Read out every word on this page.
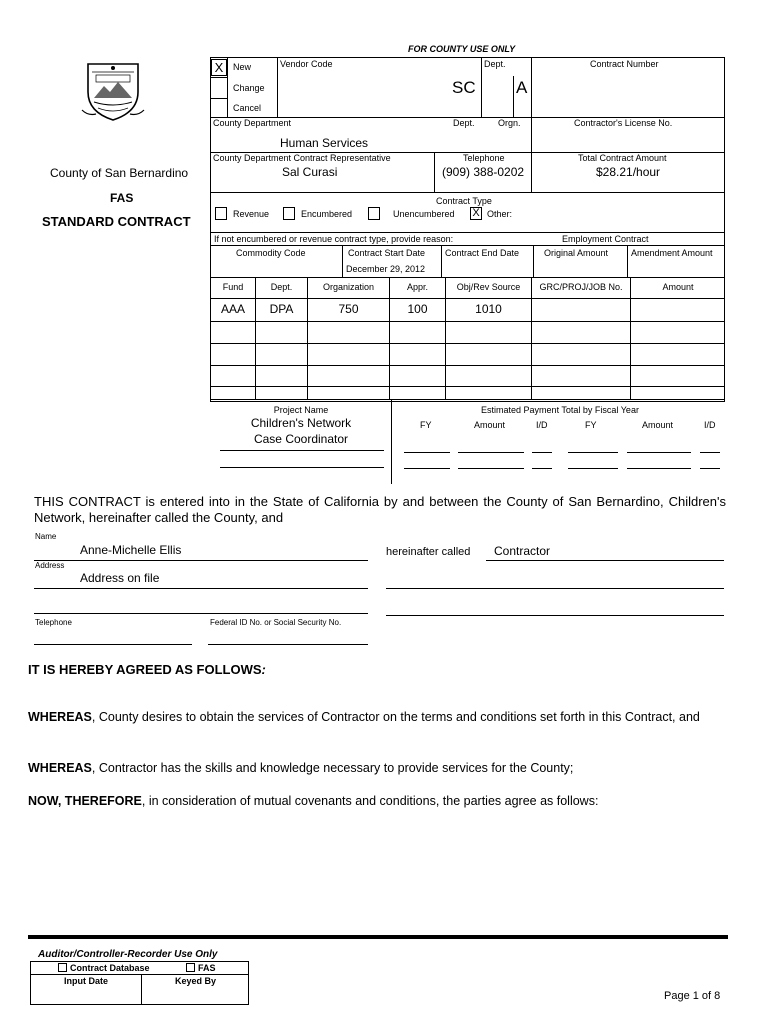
FOR COUNTY USE ONLY
County of San Bernardino
FAS
STANDARD CONTRACT
X	New
Change
Cancel
Vendor Code	Dept.
SC A
Contract Number
County Department	Dept.	Orgn.	Contractor's License No.
Human Services
County Department Contract Representative	Telephone	Total Contract Amount
Sal Curasi	(909) 388-0202	$28.21/hour
Contract Type
Revenue	Encumbered	Unencumbered X Other:
If not encumbered or revenue contract type, provide reason:	Employment Contract
Commodity Code	Contract Start Date
December 29, 2012
Contract End Date	Original Amount	Amendment Amount
Fund	Dept.	Organization	Appr.	Obj/Rev Source	GRC/PROJ/JOB No.	Amount
AAA	DPA	750	100	1010
Project Name
Children's Network
Case Coordinator
Estimated Payment Total by Fiscal Year
FY	Amount	I/D	FY	Amount	I/D
THIS CONTRACT is entered into in the State of California by and between the County of San Bernardino, Children's Network, hereinafter called the County, and
Name
Anne-Michelle Ellis	hereinafter called Contractor
Address
Address on file
Telephone	Federal ID No. or Social Security No.
IT IS HEREBY AGREED AS FOLLOWS:
WHEREAS, County desires to obtain the services of Contractor on the terms and conditions set forth in this Contract, and
WHEREAS, Contractor has the skills and knowledge necessary to provide services for the County;
NOW, THEREFORE, in consideration of mutual covenants and conditions, the parties agree as follows:
Auditor/Controller-Recorder Use Only
Contract Database	FAS
Input Date	Keyed By
Page 1 of 8
